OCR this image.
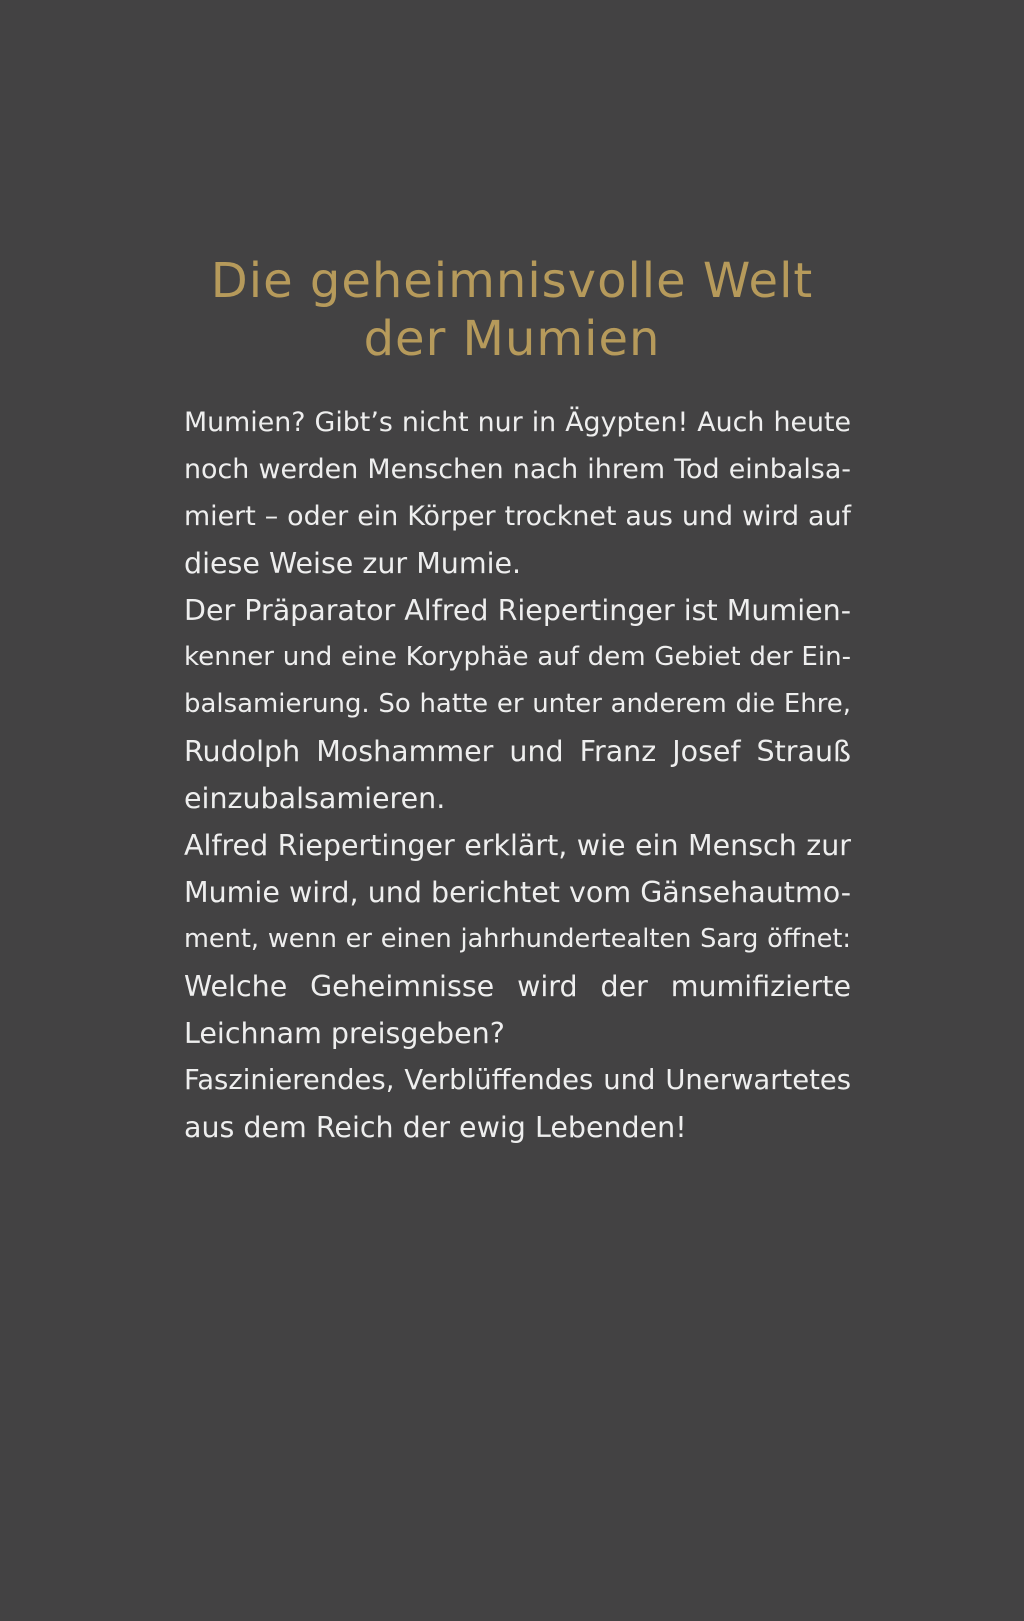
Die geheimnisvolle Welt
der Mumien
Mumien? Gibt’s nicht nur in Ägypten! Auch heute
noch werden Menschen nach ihrem Tod einbalsa-
miert – oder ein Körper trocknet aus und wird auf
diese Weise zur Mumie.
Der Präparator Alfred Riepertinger ist Mumien-
kenner und eine Koryphäe auf dem Gebiet der Ein-
balsamierung. So hatte er unter anderem die Ehre,
Rudolph Moshammer und Franz Josef Strauß
einzubalsamieren.
Alfred Riepertinger erklärt, wie ein Mensch zur
Mumie wird, und berichtet vom Gänsehautmo-
ment, wenn er einen jahrhundertealten Sarg öffnet:
Welche Geheimnisse wird der mumifizierte
Leichnam preisgeben?
Faszinierendes, Verblüffendes und Unerwartetes
aus dem Reich der ewig Lebenden!
